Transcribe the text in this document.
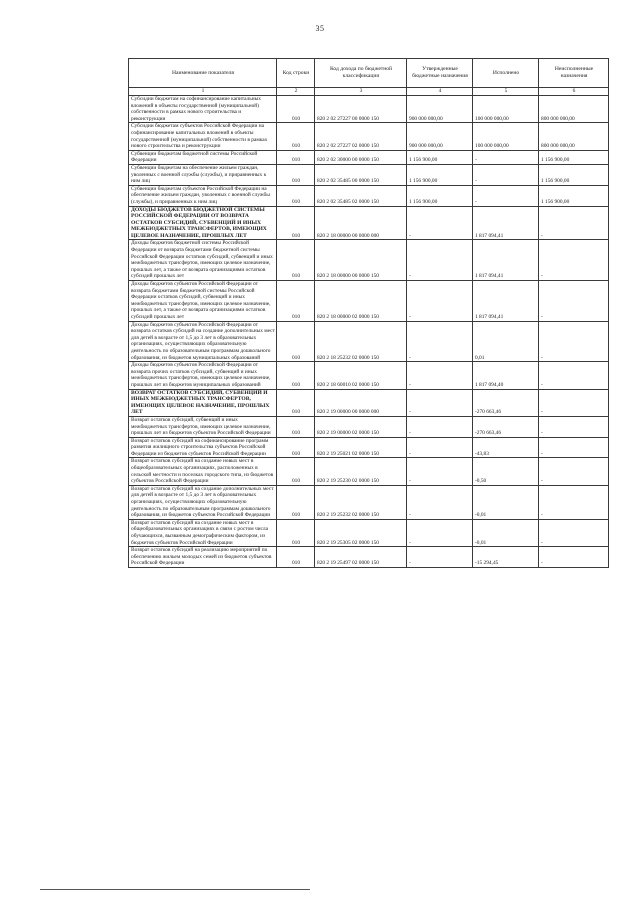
35
Наименование показателя	Код строки	Код дохода по бюджетной классификации	Утвержденные бюджетные назначения	Исполнено	Неисполненные назначения
1	2	3	4	5	6
Субсидии бюджетам на софинансирование капитальных вложений в объекты государственной (муниципальной) собственности в рамках нового строительства и реконструкции	010	820 2 02 27227 00 0000 150	900 000 000,00	100 000 000,00	800 000 000,00
Субсидии бюджетам субъектов Российской Федерации на софинансирование капитальных вложений в объекты государственной (муниципальной) собственности в рамках нового строительства и реконструкции	010	820 2 02 27227 02 0000 150	900 000 000,00	100 000 000,00	800 000 000,00
Субвенции бюджетам бюджетной системы Российской Федерации	010	820 2 02 30000 00 0000 150	1 156 900,00	-	1 156 900,00
Субвенции бюджетам на обеспечение жильем граждан, уволенных с военной службы (службы), и приравненных к ним лиц	010	820 2 02 35485 00 0000 150	1 156 900,00	-	1 156 900,00
Субвенции бюджетам субъектов Российской Федерации на обеспечение жильем граждан, уволенных с военной службы (службы), и приравненных к ним лиц	010	820 2 02 35485 02 0000 150	1 156 900,00	-	1 156 900,00
ДОХОДЫ БЮДЖЕТОВ БЮДЖЕТНОЙ СИСТЕМЫ РОССИЙСКОЙ ФЕДЕРАЦИИ ОТ ВОЗВРАТА ОСТАТКОВ СУБСИДИЙ, СУБВЕНЦИЙ И ИНЫХ МЕЖБЮДЖЕТНЫХ ТРАНСФЕРТОВ, ИМЕЮЩИХ ЦЕЛЕВОЕ НАЗНАЧЕНИЕ, ПРОШЛЫХ ЛЕТ	010	820 2 18 00000 00 0000 000	-	1 817 094,41	-
Доходы бюджетов бюджетной системы Российской Федерации от возврата бюджетами бюджетной системы Российской Федерации остатков субсидий, субвенций и иных межбюджетных трансфертов, имеющих целевое назначение, прошлых лет, а также от возврата организациями остатков субсидий прошлых лет	010	820 2 18 00000 00 0000 150	-	1 817 094,41	-
Доходы бюджетов субъектов Российской Федерации от возврата бюджетами бюджетной системы Российской Федерации остатков субсидий, субвенций и иных межбюджетных трансфертов, имеющих целевое назначение, прошлых лет, а также от возврата организациями остатков субсидий прошлых лет	010	820 2 18 00000 02 0000 150	-	1 817 094,41	-
Доходы бюджетов субъектов Российской Федерации от возврата остатков субсидий на создание дополнительных мест для детей в возрасте от 1,5 до 3 лет в образовательных организациях, осуществляющих образовательную деятельность по образовательным программам дошкольного образования, из бюджетов муниципальных образований	010	820 2 18 25232 02 0000 150	-	0,01	-
Доходы бюджетов субъектов Российской Федерации от возврата прочих остатков субсидий, субвенций и иных межбюджетных трансфертов, имеющих целевое назначение, прошлых лет из бюджетов муниципальных образований	010	820 2 18 60010 02 0000 150	-	1 817 094,40	-
ВОЗВРАТ ОСТАТКОВ СУБСИДИЙ, СУБВЕНЦИЙ И ИНЫХ МЕЖБЮДЖЕТНЫХ ТРАНСФЕРТОВ, ИМЕЮЩИХ ЦЕЛЕВОЕ НАЗНАЧЕНИЕ, ПРОШЛЫХ ЛЕТ	010	820 2 19 00000 00 0000 000	-	-270 663,46	-
Возврат остатков субсидий, субвенций и иных межбюджетных трансфертов, имеющих целевое назначение, прошлых лет из бюджетов субъектов Российской Федерации	010	820 2 19 00000 02 0000 150	-	-270 663,46	-
Возврат остатков субсидий на софинансирование программ развития жилищного строительства субъектов Российской Федерации из бюджетов субъектов Российской Федерации	010	820 2 19 25021 02 0000 150	-	-43,83	-
Возврат остатков субсидий на создание новых мест в общеобразовательных организациях, расположенных в сельской местности и поселках городского типа, из бюджетов субъектов Российской Федерации	010	820 2 19 25230 02 0000 150	-	-0,50	-
Возврат остатков субсидий на создание дополнительных мест для детей в возрасте от 1,5 до 3 лет в образовательных организациях, осуществляющих образовательную деятельность по образовательным программам дошкольного образования, из бюджетов субъектов Российской Федерации	010	820 2 19 25232 02 0000 150	-	-0,01	-
Возврат остатков субсидий на создание новых мест в общеобразовательных организациях в связи с ростом числа обучающихся, вызванным демографическим фактором, из бюджетов субъектов Российской Федерации	010	820 2 19 25305 02 0000 150	-	-0,01	-
Возврат остатков субсидий на реализацию мероприятий по обеспечению жильем молодых семей из бюджетов субъектов Российской Федерации	010	820 2 19 25497 02 0000 150	-	-15 294,45	-
